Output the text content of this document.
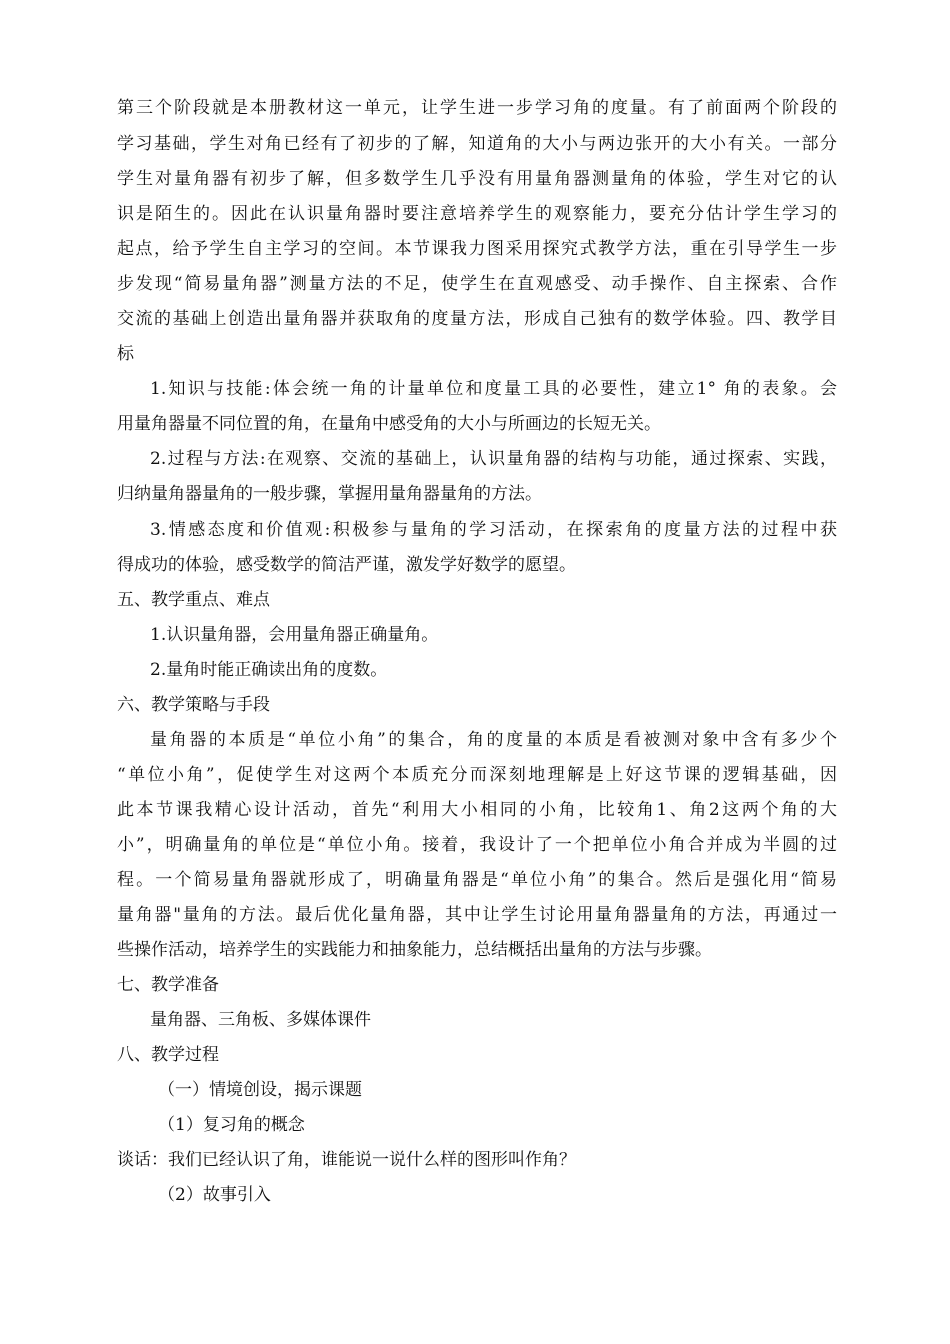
第三个阶段就是本册教材这一单元，让学生进一步学习角的度量。有了前面两个阶段的
学习基础，学生对角已经有了初步的了解，知道角的大小与两边张开的大小有关。一部分
学生对量角器有初步了解，但多数学生几乎没有用量角器测量角的体验，学生对它的认
识是陌生的。因此在认识量角器时要注意培养学生的观察能力，要充分估计学生学习的
起点，给予学生自主学习的空间。本节课我力图采用探究式教学方法，重在引导学生一步
步发现“简易量角器”测量方法的不足，使学生在直观感受、动手操作、自主探索、合作
交流的基础上创造出量角器并获取角的度量方法，形成自己独有的数学体验。四、教学目
标
1.知识与技能:体会统一角的计量单位和度量工具的必要性，建立1° 角的表象。会
用量角器量不同位置的角，在量角中感受角的大小与所画边的长短无关。
2.过程与方法:在观察、交流的基础上，认识量角器的结构与功能，通过探索、实践，
归纳量角器量角的一般步骤，掌握用量角器量角的方法。
3.情感态度和价值观:积极参与量角的学习活动，在探索角的度量方法的过程中获
得成功的体验，感受数学的简洁严谨，激发学好数学的愿望。
五、教学重点、难点
1.认识量角器，会用量角器正确量角。
2.量角时能正确读出角的度数。
六、教学策略与手段
量角器的本质是“单位小角”的集合，角的度量的本质是看被测对象中含有多少个
“单位小角”，促使学生对这两个本质充分而深刻地理解是上好这节课的逻辑基础，因
此本节课我精心设计活动，首先“利用大小相同的小角，比较角1、角2这两个角的大
小”，明确量角的单位是“单位小角。接着，我设计了一个把单位小角合并成为半圆的过
程。一个简易量角器就形成了，明确量角器是“单位小角”的集合。然后是强化用“简易
量角器"量角的方法。最后优化量角器，其中让学生讨论用量角器量角的方法，再通过一
些操作活动，培养学生的实践能力和抽象能力，总结概括出量角的方法与步骤。
七、教学准备
量角器、三角板、多媒体课件
八、教学过程
（一）情境创设，揭示课题
（1）复习角的概念
谈话：我们已经认识了角，谁能说一说什么样的图形叫作角？
（2）故事引入
